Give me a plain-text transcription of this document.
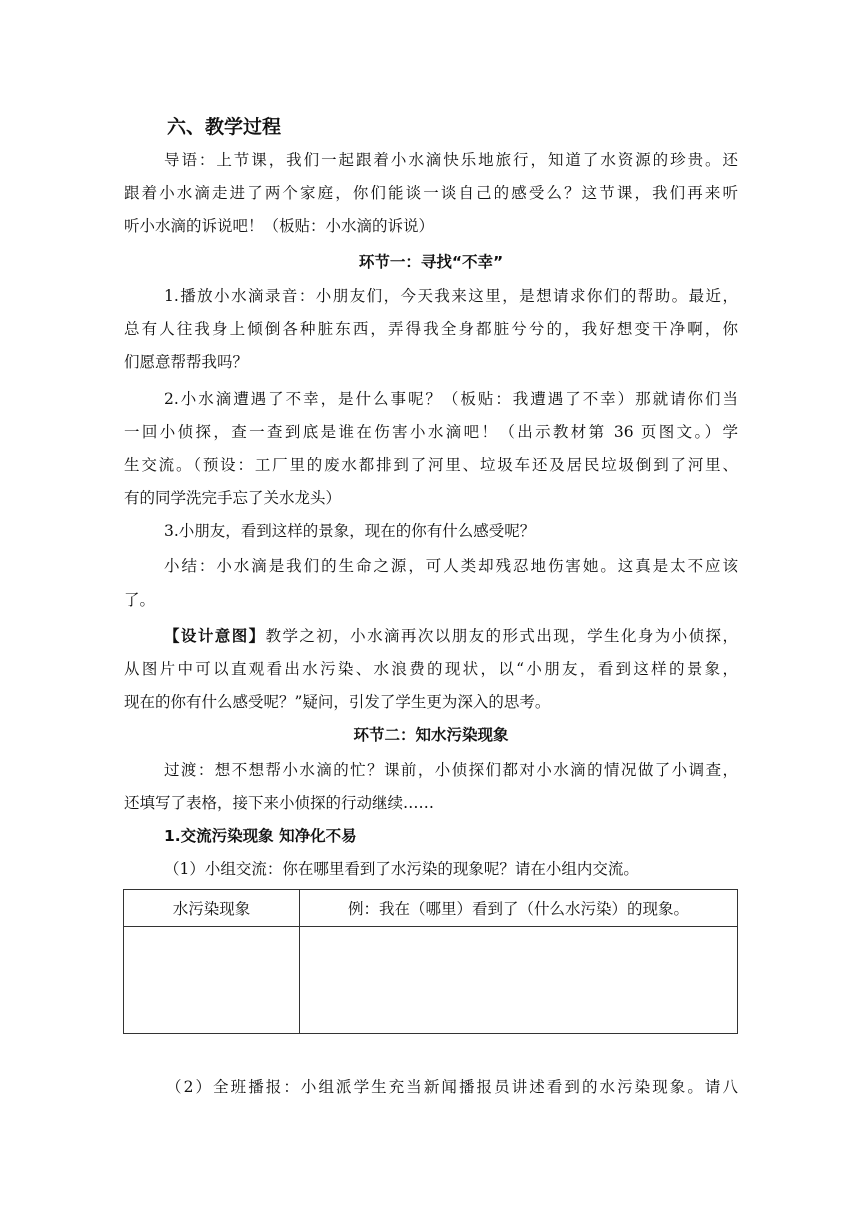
六、教学过程
导语：上节课，我们一起跟着小水滴快乐地旅行，知道了水资源的珍贵。还
跟着小水滴走进了两个家庭，你们能谈一谈自己的感受么？这节课，我们再来听
听小水滴的诉说吧！（板贴：小水滴的诉说）
环节一：寻找“不幸”
1.播放小水滴录音：小朋友们，今天我来这里，是想请求你们的帮助。最近，
总有人往我身上倾倒各种脏东西，弄得我全身都脏兮兮的，我好想变干净啊，你
们愿意帮帮我吗？
2.小水滴遭遇了不幸，是什么事呢？（板贴：我遭遇了不幸）那就请你们当
一回小侦探，查一查到底是谁在伤害小水滴吧！（出示教材第 36 页图文。）学
生交流。（预设：工厂里的废水都排到了河里、垃圾车还及居民垃圾倒到了河里、
有的同学洗完手忘了关水龙头）
3.小朋友，看到这样的景象，现在的你有什么感受呢？
小结：小水滴是我们的生命之源，可人类却残忍地伤害她。这真是太不应该
了。
【设计意图】教学之初，小水滴再次以朋友的形式出现，学生化身为小侦探，
从图片中可以直观看出水污染、水浪费的现状，以“小朋友，看到这样的景象，
现在的你有什么感受呢？”疑问，引发了学生更为深入的思考。
环节二：知水污染现象
过渡：想不想帮小水滴的忙？课前，小侦探们都对小水滴的情况做了小调查，
还填写了表格，接下来小侦探的行动继续……
1.交流污染现象 知净化不易
（1）小组交流：你在哪里看到了水污染的现象呢？请在小组内交流。
水污染现象	例：我在（哪里）看到了（什么水污染）的现象。

（2）全班播报：小组派学生充当新闻播报员讲述看到的水污染现象。请八
